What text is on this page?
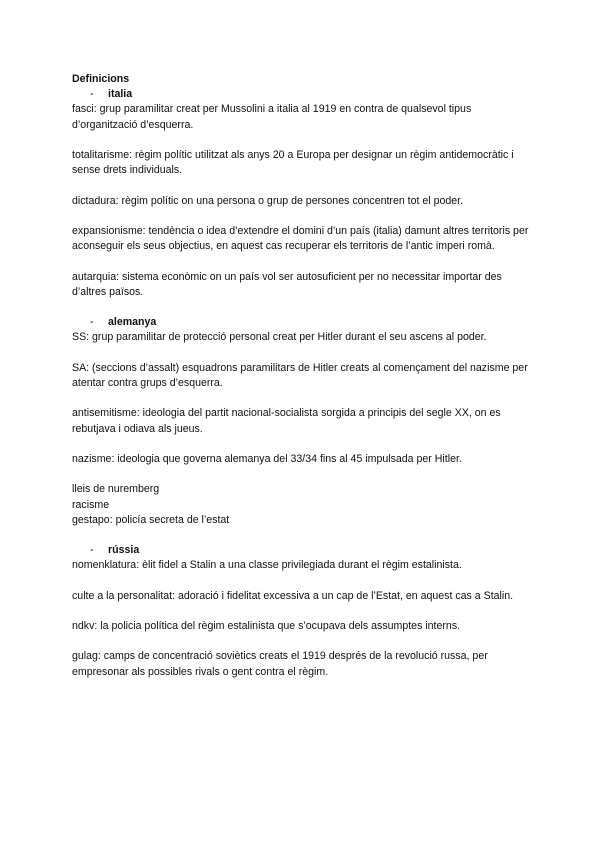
Definicions

-	italia

fasci: grup paramilitar creat per Mussolini a italia al 1919 en contra de qualsevol tipus d’organització d’esquerra.

totalitarisme: règim polític utilitzat als anys 20 a Europa per designar un règim antidemocràtic i sense drets individuals.

dictadura: règim polític on una persona o grup de persones concentren tot el poder.

expansionisme: tendència o idea d’extendre el domini d’un país (italia) damunt altres territoris per aconseguir els seus objectius, en aquest cas recuperar els territoris de l’antic imperi romà.

autarquia: sistema econòmic on un país vol ser autosuficient per no necessitar importar des d’altres països.

-	alemanya

SS: grup paramilitar de protecció personal creat per Hitler durant el seu ascens al poder.

SA: (seccions d’assalt) esquadrons paramilitars de Hitler creats al començament del nazisme per atentar contra grups d’esquerra.

antisemitisme: ideologia del partit nacional-socialista sorgida a principis del segle XX, on es rebutjava i odiava als jueus.

nazisme: ideologia que governa alemanya del 33/34 fins al 45 impulsada per Hitler.

lleis de nuremberg

racisme

gestapo: policía secreta de l’estat

-	rússia

nomenklatura: èlit fidel a Stalin a una classe privilegiada durant el règim estalinista.

culte a la personalitat: adoració i fidelitat excessiva a un cap de l’Estat, en aquest cas a Stalin.

ndkv: la policia política del règim estalinista que s’ocupava dels assumptes interns.

gulag: camps de concentració soviètics creats el 1919 després de la revolució russa, per empresonar als possibles rivals o gent contra el règim.
